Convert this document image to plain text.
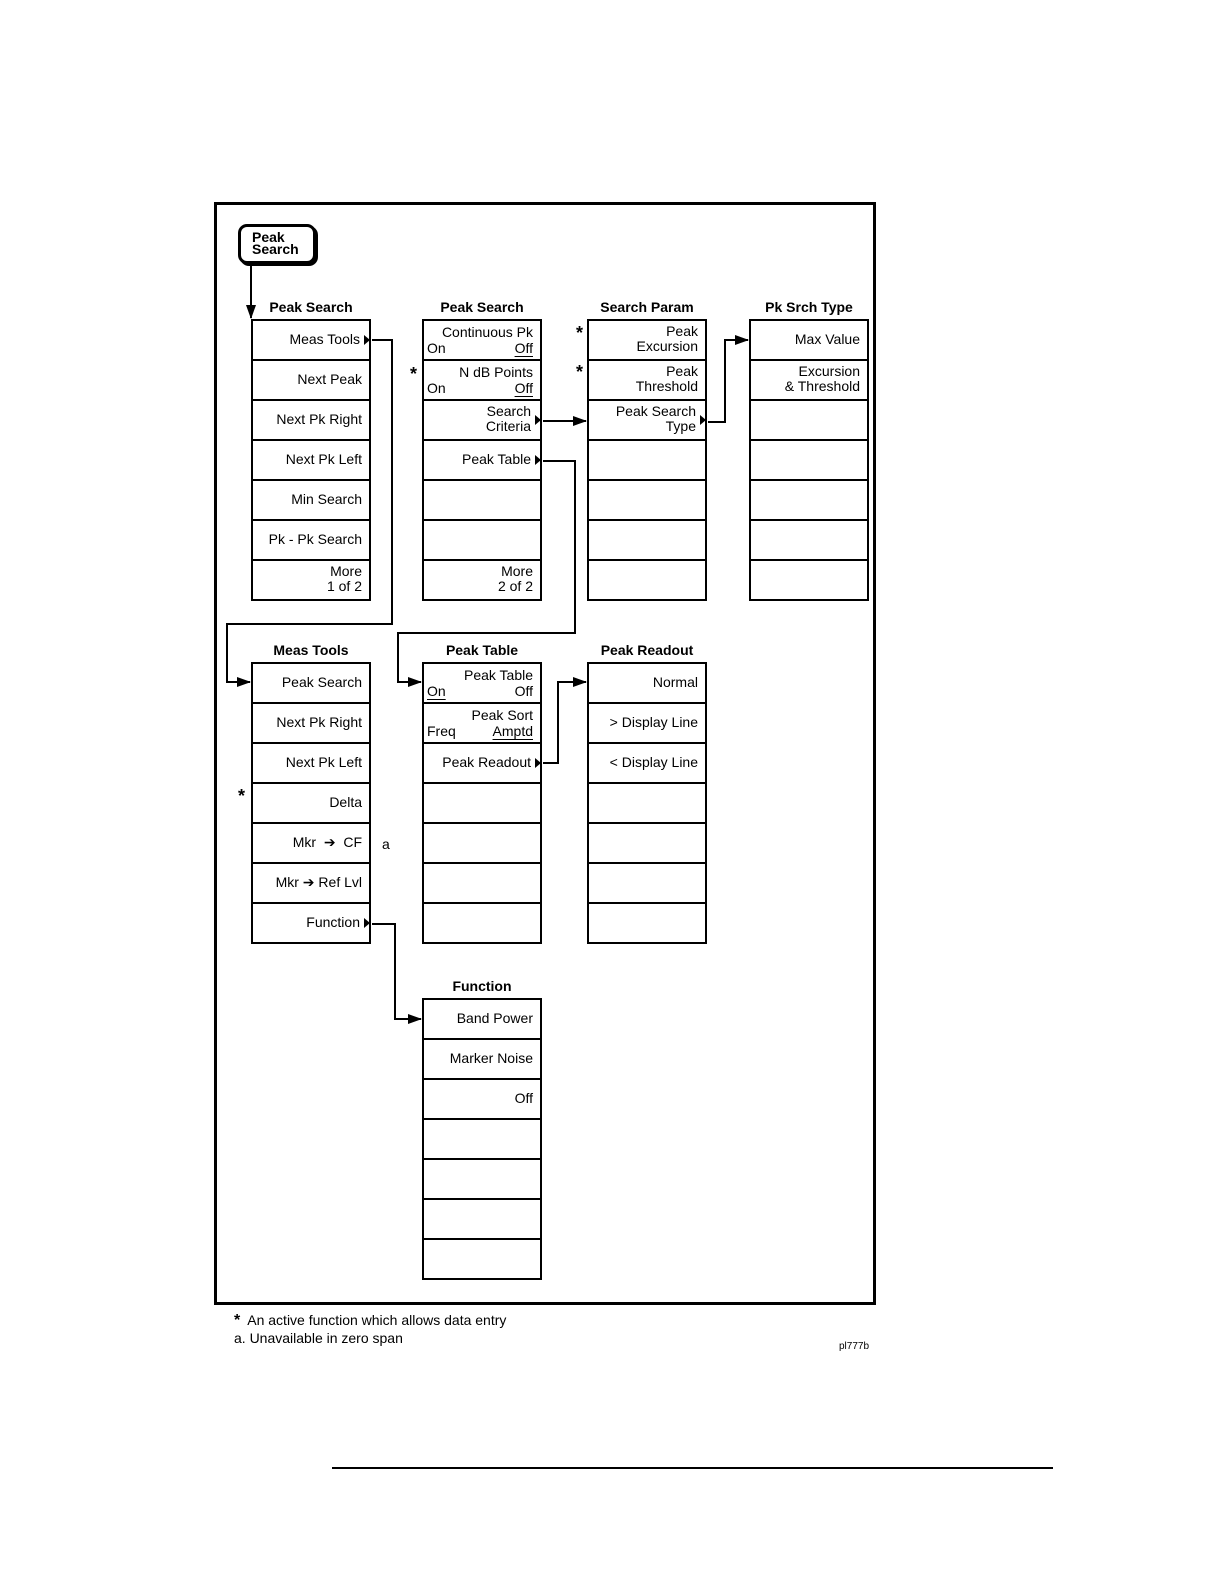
Peak
Search
Peak Search
Meas Tools
Next Peak
Next Pk Right
Next Pk Left
Min Search
Pk - Pk Search
More
1 of 2
Peak Search
Continuous Pk
On	Off
N dB Points
On	Off
Search
Criteria
Peak Table
More
2 of 2
Search Param
Peak
Excursion
Peak
Threshold
Peak Search
Type
Pk Srch Type
Max Value
Excursion
& Threshold
Meas Tools
Peak Search
Next Pk Right
Next Pk Left
Delta
Mkr ➔ CF
Mkr ➔ Ref Lvl
Function
Peak Table
Peak Table
On	Off
Peak Sort
Freq	Amptd
Peak Readout
Peak Readout
Normal
> Display Line
< Display Line
Function
Band Power
Marker Noise
Off
*
*
*
*
a
* An active function which allows data entry
a. Unavailable in zero span
pl777b
